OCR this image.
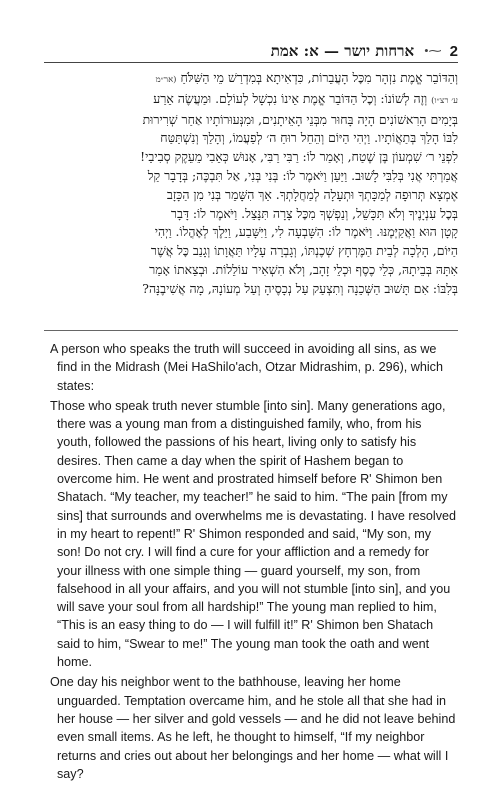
2
⁓•
ארחות יושר — א: אמת
וְהַדּוֹבֵר אֱמֶת נִזְהָר מִכׇּל הָעֲבֵרוֹת, כִּדְאִיתָא בְּמִדְרַשׁ מֵי הַשִּׁלֹּחַ (אר״מ
ע׳ רצ״ו) וְזֶה לְשׁוֹנוֹ: וְכׇל הַדּוֹבֵר אֱמֶת אֵינוֹ נִכְשָׁל לְעוֹלָם. וּמַעֲשֶׂה אֵרַע
בְּיָמִים הָרִאשׁוֹנִים הָיָה בָּחוּר מִבְּנֵי הָאֵיתָנִים, וּמִנְּעוּרוֹתָיו אַחַר שְׁרִירוּת
לִבּוֹ הָלַךְ בְּתַאֲוֹתָיו. וַיְהִי הַיּוֹם וְהֵחֵל רוּחַ ה׳ לְפַעֲמוֹ, וְהָלַךְ וְנִשְׁתַּטַּח
לִפְנֵי ר׳ שִׁמְעוֹן בֶּן שֶׁטַח, וְאָמַר לוֹ: רַבִּי רַבִּי, אָנוּשׁ כְּאֵבִי מֵעֵקֶק סְבִיבַי!
אֲמַרְתִּי אֲנִי בְּלִבִּי לָשׁוּב. וַיַּעַן וַיֹּאמֶר לוֹ: בְּנִי בְּנִי, אַל תִּבְכֶּה; בְּדָבָר קַל
אֶמְצָא תְּרוּפָה לְמַכָּתְךָ וּתְעָלָה לְמַחֲלָתְךָ. אַךְ הִשָּׁמֵר בְּנִי מִן הַכָּזָב
בְּכׇל עִנְיָנֶיךָ וְלֹא תִּכָּשֵׁל, וְנַפְשְׁךָ מִכׇּל צָרָה תִּנָּצֵל. וַיֹּאמֶר לוֹ: דָּבָר
קָטָן הוּא וַאֲקַיְּמֶנּוּ. וַיֹּאמֶר לוֹ: הִשָּׁבְעָה לִי, וַיִּשָּׁבַע, וַיֵּלֶךְ לְאׇהֳלוֹ. וַיְהִי
הַיּוֹם, הָלְכָה לְבֵית הַמֶּרְחָץ שְׁכֶנְתּוֹ, וְגָבְרָה עָלָיו תַּאֲוָתוֹ וְגָנַב כׇּל אֲשֶׁר
אִתָּהּ בְּבֵיתָהּ, כְּלֵי כֶסֶף וּכְלֵי זָהָב, וְלֹא הִשְׁאִיר עוֹלֵלוֹת. וּבְצֵאתוֹ אָמַר
בְּלִבּוֹ: אִם תָּשׁוּב הַשְּׁכֵנָה וְתִצְעַק עַל נְכָסֶיהָ וְעַל מְעוֹנָהּ, מָה אֲשִׁיבֶנָּה?

A person who speaks the truth will succeed in avoiding all sins, as we find in the Midrash (Mei HaShilo'ach, Otzar Midrashim, p. 296), which states:

Those who speak truth never stumble [into sin]. Many generations ago, there was a young man from a distinguished family, who, from his youth, followed the passions of his heart, living only to satisfy his desires. Then came a day when the spirit of Hashem began to overcome him. He went and prostrated himself before R' Shimon ben Shatach. “My teacher, my teacher!” he said to him. “The pain [from my sins] that surrounds and overwhelms me is devastating. I have resolved in my heart to repent!” R' Shimon responded and said, “My son, my son! Do not cry. I will find a cure for your affliction and a remedy for your illness with one simple thing — guard yourself, my son, from falsehood in all your affairs, and you will not stumble [into sin], and you will save your soul from all hardship!” The young man replied to him, “This is an easy thing to do — I will fulfill it!” R' Shimon ben Shatach said to him, “Swear to me!” The young man took the oath and went home.

One day his neighbor went to the bathhouse, leaving her home unguarded. Temptation overcame him, and he stole all that she had in her house — her silver and gold vessels — and he did not leave behind even small items. As he left, he thought to himself, “If my neighbor returns and cries out about her belongings and her home — what will I say?
